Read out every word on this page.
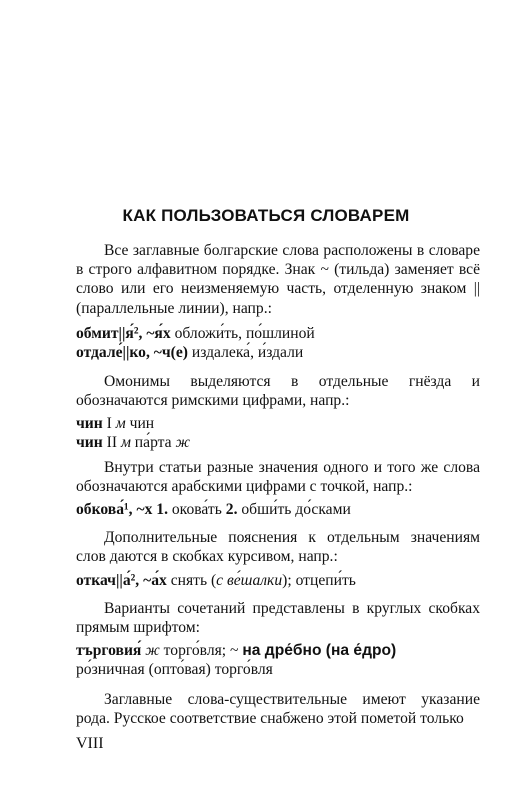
КАК ПОЛЬЗОВАТЬСЯ СЛОВАРЕМ
Все заглавные болгарские слова расположены в словаре в строго алфавитном порядке. Знак ~ (тильда) заменяет всё слово или его неизменяемую часть, отделенную знаком || (параллельные линии), напр.:
обмит||я́², ~я́х обложи́ть, по́шлиной
отдале́||ко, ~ч(е) издалека́, и́здали
Омонимы выделяются в отдельные гнёзда и обозначаются римскими цифрами, напр.:
чин I м чин
чин II м па́рта ж
Внутри статьи разные значения одного и того же слова обозначаются арабскими цифрами с точкой, напр.:
обкова́¹, ~х 1. окова́ть 2. обши́ть до́сками
Дополнительные пояснения к отдельным значениям слов даются в скобках курсивом, напр.:
откач||а́², ~а́х снять (с ве́шалки); отцепи́ть
Варианты сочетаний представлены в круглых скобках прямым шрифтом:
търговия́ ж торго́вля; ~ на дре́бно (на е́дро)
ро́зничная (опто́вая) торго́вля
Заглавные слова-существительные имеют указание рода. Русское соответствие снабжено этой пометой только
VIII
